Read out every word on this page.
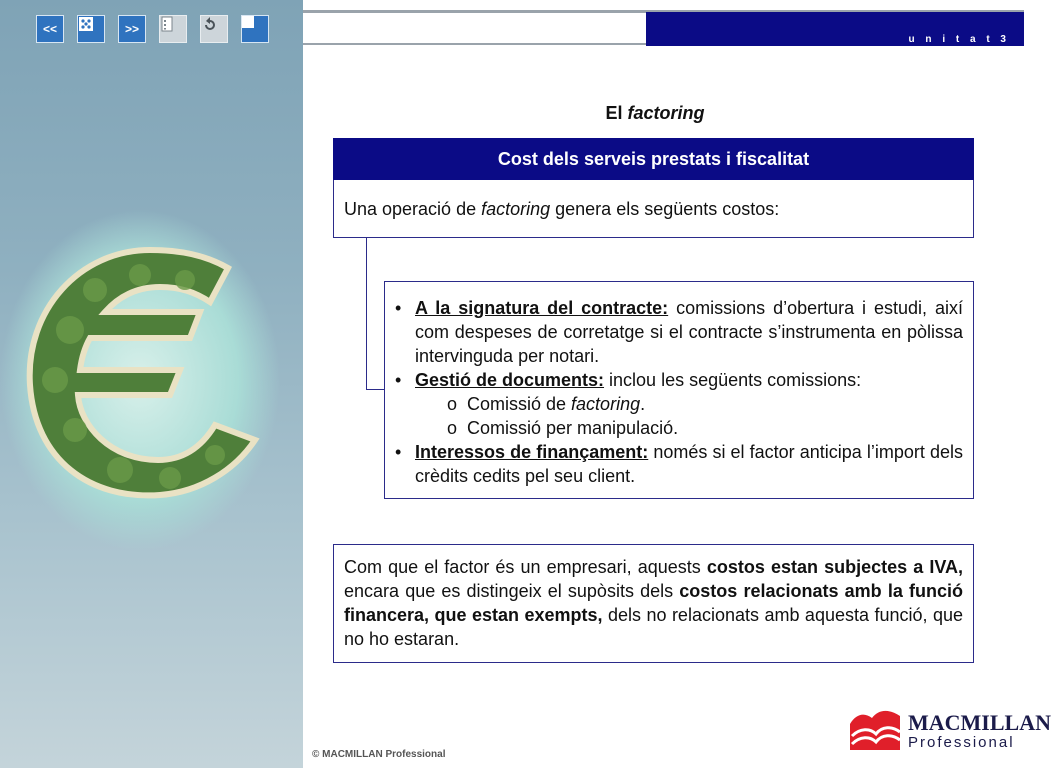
<<	>>
u n i t a t 3
El factoring
Cost dels serveis prestats i fiscalitat
Una operació de factoring genera els següents costos:
• A la signatura del contracte: comissions d’obertura i estudi, així com despeses de corretatge si el contracte s’instrumenta en pòlissa intervinguda per notari.
• Gestió de documents: inclou les següents comissions:
o Comissió de factoring.
o Comissió per manipulació.
• Interessos de finançament: només si el factor anticipa l’import dels crèdits cedits pel seu client.
Com que el factor és un empresari, aquests costos estan subjectes a IVA, encara que es distingeix el supòsits dels costos relacionats amb la funció financera, que estan exempts, dels no relacionats amb aquesta funció, que no ho estaran.
© MACMILLAN Professional
MACMILLAN
Professional
